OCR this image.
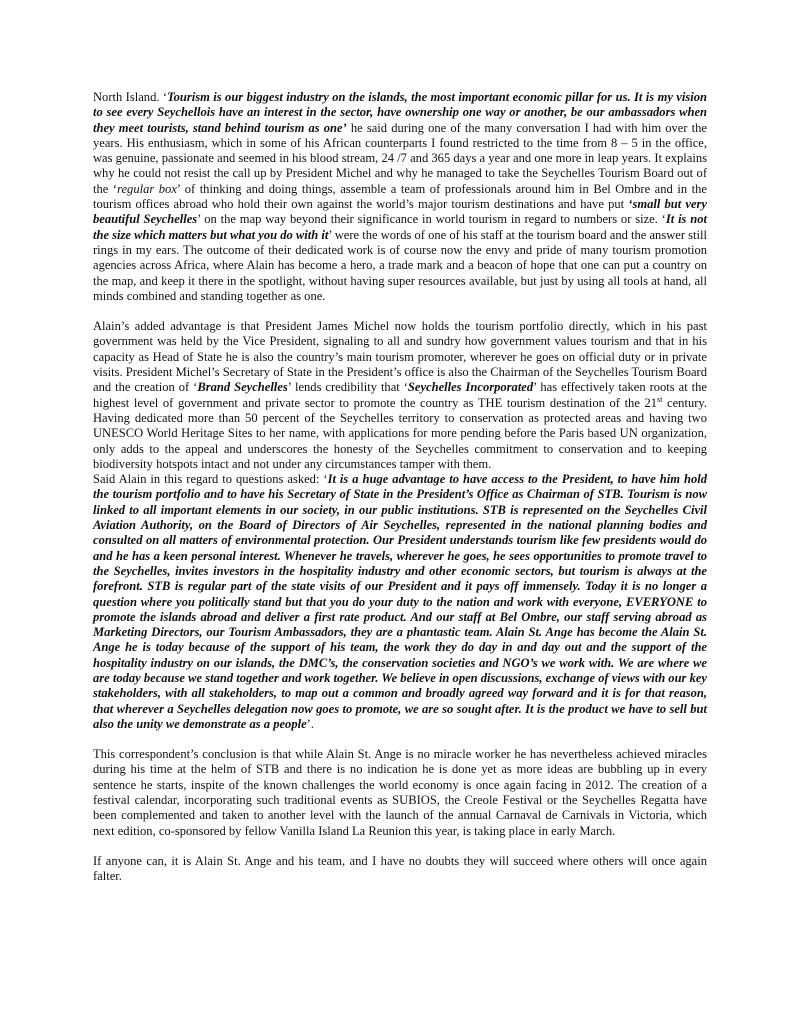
North Island. ‘Tourism is our biggest industry on the islands, the most important economic pillar for us. It is my vision to see every Seychellois have an interest in the sector, have ownership one way or another, be our ambassadors when they meet tourists, stand behind tourism as one’ he said during one of the many conversation I had with him over the years. His enthusiasm, which in some of his African counterparts I found restricted to the time from 8 – 5 in the office, was genuine, passionate and seemed in his blood stream, 24 /7 and 365 days a year and one more in leap years. It explains why he could not resist the call up by President Michel and why he managed to take the Seychelles Tourism Board out of the ‘regular box’ of thinking and doing things, assemble a team of professionals around him in Bel Ombre and in the tourism offices abroad who hold their own against the world’s major tourism destinations and have put ‘small but very beautiful Seychelles’ on the map way beyond their significance in world tourism in regard to numbers or size. ‘It is not the size which matters but what you do with it’ were the words of one of his staff at the tourism board and the answer still rings in my ears. The outcome of their dedicated work is of course now the envy and pride of many tourism promotion agencies across Africa, where Alain has become a hero, a trade mark and a beacon of hope that one can put a country on the map, and keep it there in the spotlight, without having super resources available, but just by using all tools at hand, all minds combined and standing together as one.

Alain’s added advantage is that President James Michel now holds the tourism portfolio directly, which in his past government was held by the Vice President, signaling to all and sundry how government values tourism and that in his capacity as Head of State he is also the country’s main tourism promoter, wherever he goes on official duty or in private visits. President Michel’s Secretary of State in the President’s office is also the Chairman of the Seychelles Tourism Board and the creation of ‘Brand Seychelles’ lends credibility that ‘Seychelles Incorporated’ has effectively taken roots at the highest level of government and private sector to promote the country as THE tourism destination of the 21st century. Having dedicated more than 50 percent of the Seychelles territory to conservation as protected areas and having two UNESCO World Heritage Sites to her name, with applications for more pending before the Paris based UN organization, only adds to the appeal and underscores the honesty of the Seychelles commitment to conservation and to keeping biodiversity hotspots intact and not under any circumstances tamper with them.

Said Alain in this regard to questions asked: ‘It is a huge advantage to have access to the President, to have him hold the tourism portfolio and to have his Secretary of State in the President’s Office as Chairman of STB. Tourism is now linked to all important elements in our society, in our public institutions. STB is represented on the Seychelles Civil Aviation Authority, on the Board of Directors of Air Seychelles, represented in the national planning bodies and consulted on all matters of environmental protection. Our President understands tourism like few presidents would do and he has a keen personal interest. Whenever he travels, wherever he goes, he sees opportunities to promote travel to the Seychelles, invites investors in the hospitality industry and other economic sectors, but tourism is always at the forefront. STB is regular part of the state visits of our President and it pays off immensely. Today it is no longer a question where you politically stand but that you do your duty to the nation and work with everyone, EVERYONE to promote the islands abroad and deliver a first rate product. And our staff at Bel Ombre, our staff serving abroad as Marketing Directors, our Tourism Ambassadors, they are a phantastic team. Alain St. Ange has become the Alain St. Ange he is today because of the support of his team, the work they do day in and day out and the support of the hospitality industry on our islands, the DMC’s, the conservation societies and NGO’s we work with. We are where we are today because we stand together and work together. We believe in open discussions, exchange of views with our key stakeholders, with all stakeholders, to map out a common and broadly agreed way forward and it is for that reason, that wherever a Seychelles delegation now goes to promote, we are so sought after. It is the product we have to sell but also the unity we demonstrate as a people’.

This correspondent’s conclusion is that while Alain St. Ange is no miracle worker he has nevertheless achieved miracles during his time at the helm of STB and there is no indication he is done yet as more ideas are bubbling up in every sentence he starts, inspite of the known challenges the world economy is once again facing in 2012. The creation of a festival calendar, incorporating such traditional events as SUBIOS, the Creole Festival or the Seychelles Regatta have been complemented and taken to another level with the launch of the annual Carnaval de Carnivals in Victoria, which next edition, co-sponsored by fellow Vanilla Island La Reunion this year, is taking place in early March.

If anyone can, it is Alain St. Ange and his team, and I have no doubts they will succeed where others will once again falter.
